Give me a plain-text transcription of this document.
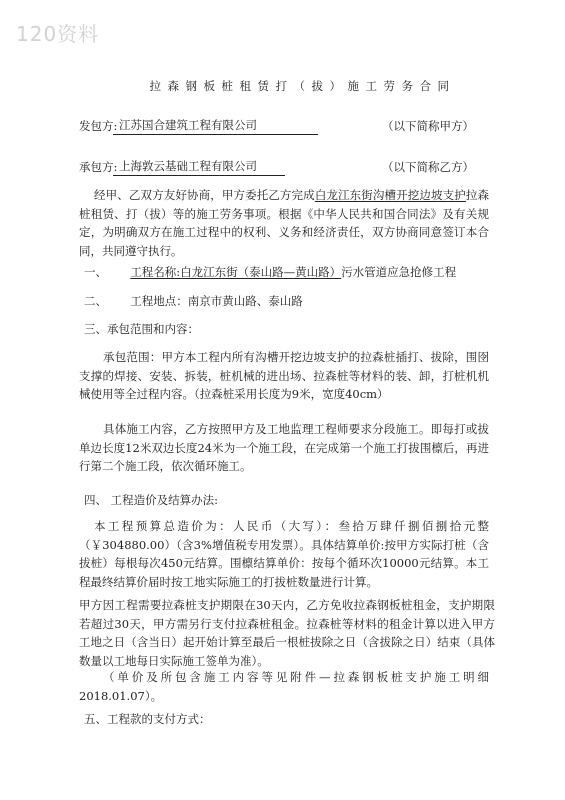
120资料
拉森钢板桩租赁打（拔）施工劳务合同
发包方: 江苏国合建筑工程有限公司	（以下简称甲方）
承包方: 上海敦云基础工程有限公司	（以下简称乙方）
经甲、乙双方友好协商，甲方委托乙方完成白龙江东街沟槽开挖边坡支护拉森桩租赁、打（拔）等的施工劳务事项。根据《中华人民共和国合同法》及有关规定，为明确双方在施工过程中的权利、义务和经济责任，双方协商同意签订本合同，共同遵守执行。
一、 工程名称:白龙江东街（泰山路—黄山路）污水管道应急抢修工程
二、 工程地点：南京市黄山路、泰山路
三、承包范围和内容：
承包范围：甲方本工程内所有沟槽开挖边坡支护的拉森桩插打、拔除，围囹支撑的焊接、安装、拆装，桩机械的进出场、拉森桩等材料的装、卸，打桩机机械使用等全过程内容。（拉森桩采用长度为9米，宽度40cm）
具体施工内容，乙方按照甲方及工地监理工程师要求分段施工。即每打或拔单边长度12米双边长度24米为一个施工段，在完成第一个施工打拔围檩后，再进行第二个施工段，依次循环施工。
四、 工程造价及结算办法:
本工程预算总造价为：人民币（大写）：叁拾万肆仟捌佰捌拾元整（￥304880.00）（含3%增值税专用发票）。具体结算单价:按甲方实际打桩（含拔桩）每根每次450元结算。围檩结算单价：按每个循环次10000元结算。本工程最终结算价届时按工地实际施工的打拔桩数量进行计算。
甲方因工程需要拉森桩支护期限在30天内，乙方免收拉森钢板桩租金，支护期限若超过30天，甲方需另行支付拉森桩租金。拉森桩等材料的租金计算以进入甲方工地之日（含当日）起开始计算至最后一根桩拔除之日（含拔除之日）结束（具体数量以工地每日实际施工签单为准）。
（单价及所包含施工内容等见附件—拉森钢板桩支护施工明细 2018.01.07）。
五、工程款的支付方式：
